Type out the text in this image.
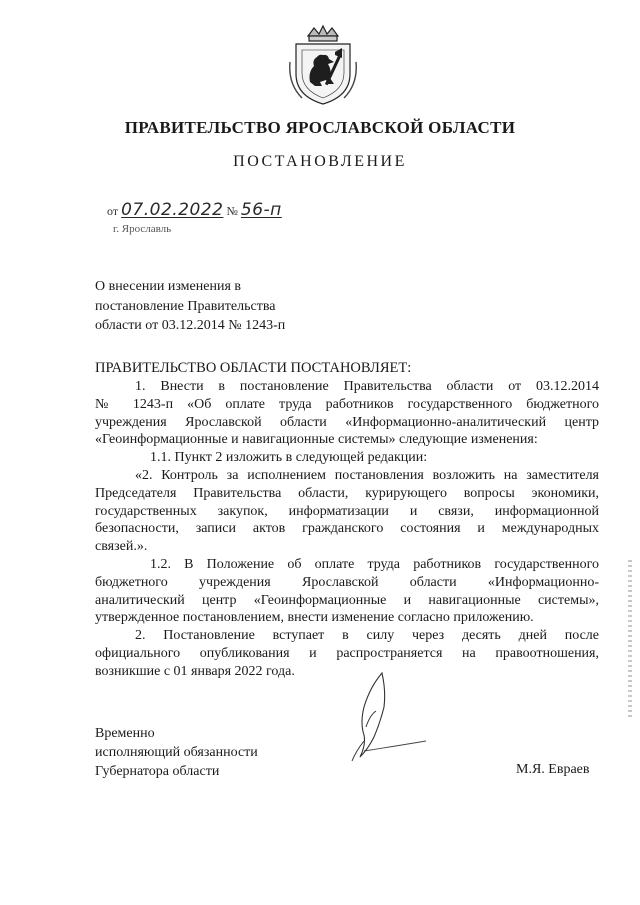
ПРАВИТЕЛЬСТВО ЯРОСЛАВСКОЙ ОБЛАСТИ
ПОСТАНОВЛЕНИЕ
от 07.02.2022 № 56-п
г. Ярославль
О внесении изменения в
постановление Правительства
области от 03.12.2014 № 1243-п
ПРАВИТЕЛЬСТВО ОБЛАСТИ ПОСТАНОВЛЯЕТ:
1. Внести в постановление Правительства области от 03.12.2014
№ 1243-п «Об оплате труда работников государственного бюджетного
учреждения Ярославской области «Информационно-аналитический центр
«Геоинформационные и навигационные системы» следующие изменения:
1.1. Пункт 2 изложить в следующей редакции:
«2. Контроль за исполнением постановления возложить на заместителя
Председателя Правительства области, курирующего вопросы экономики,
государственных закупок, информатизации и связи, информационной
безопасности, записи актов гражданского состояния и международных
связей.».
1.2. В Положение об оплате труда работников государственного
бюджетного учреждения Ярославской области «Информационно-
аналитический центр «Геоинформационные и навигационные системы»,
утвержденное постановлением, внести изменение согласно приложению.
2. Постановление вступает в силу через десять дней после
официального опубликования и распространяется на правоотношения,
возникшие с 01 января 2022 года.
Временно
исполняющий обязанности
Губернатора области	М.Я. Евраев
